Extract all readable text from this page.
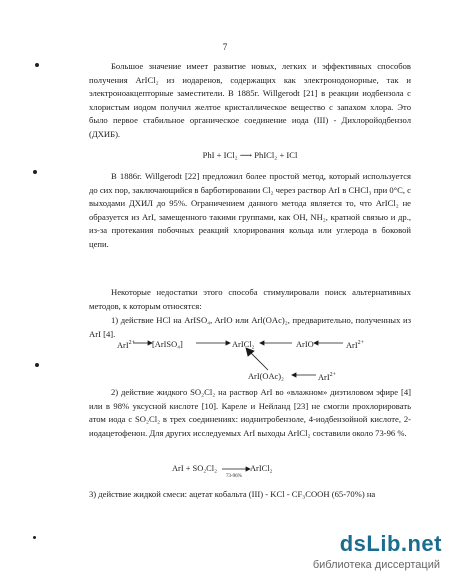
7
Большое значение имеет развитие новых, легких и эффективных способов получения ArICl₂ из иодаренов, содержащих как электронодонорные, так и электроноакцепторные заместители. В 1885г. Willgerodt [21] в реакции иодбензола с хлористым иодом получил желтое кристаллическое вещество с запахом хлора. Это было первое стабильное органическое соединение иода (III) - Дихлоройодбензол (ДХИБ).
PhI + ICl₂ ⟶ PhICl₂ + ICl
В 1886г. Willgerodt [22] предложил более простой метод, который используется до сих пор, заключающийся в барботировании Cl₂ через раствор ArI в CHCl₃ при 0°C, с выходами ДХИЛ до 95%. Ограничением данного метода является то, что ArICl₂ не образуется из ArI, замещенного такими группами, как OH, NH₂, кратной связью и др., из-за протекания побочных реакций хлорирования кольца или углерода в боковой цепи.
Некоторые недостатки этого способа стимулировали поиск альтернативных методов, к которым относятся:
1) действие HCl на ArISO₄, ArIO или Arl(OAc)₂, предварительно, полученных из ArI [4].
ArI$^{2+}$ [ArISO₄]	ArICl₂	ArIO	ArI$^{2+}$
ArI(OAc)₂	ArI$^{2+}$
2) действие жидкого SO₂Cl₂ на раствор ArI во «влажном» диэтиловом эфире [4] или в 98% уксусной кислоте [10]. Кареле и Нейланд [23] не смогли прохлорировать атом иода с SO₂Cl₂ в трех соединениях: иоднитробензоле, 4-иодбензойной кислоте, 2-иодацетофенон. Для других исследуемых ArI выходы ArICl₂ составили около 73-96 %.
ArI + SO₂Cl₂	ArICl₂
73-96%
3) действие жидкой смеси: ацетат кобальта (III) - KCl - CF₃COOH (65-70%) на
dsLib.net
библиотека диссертаций
